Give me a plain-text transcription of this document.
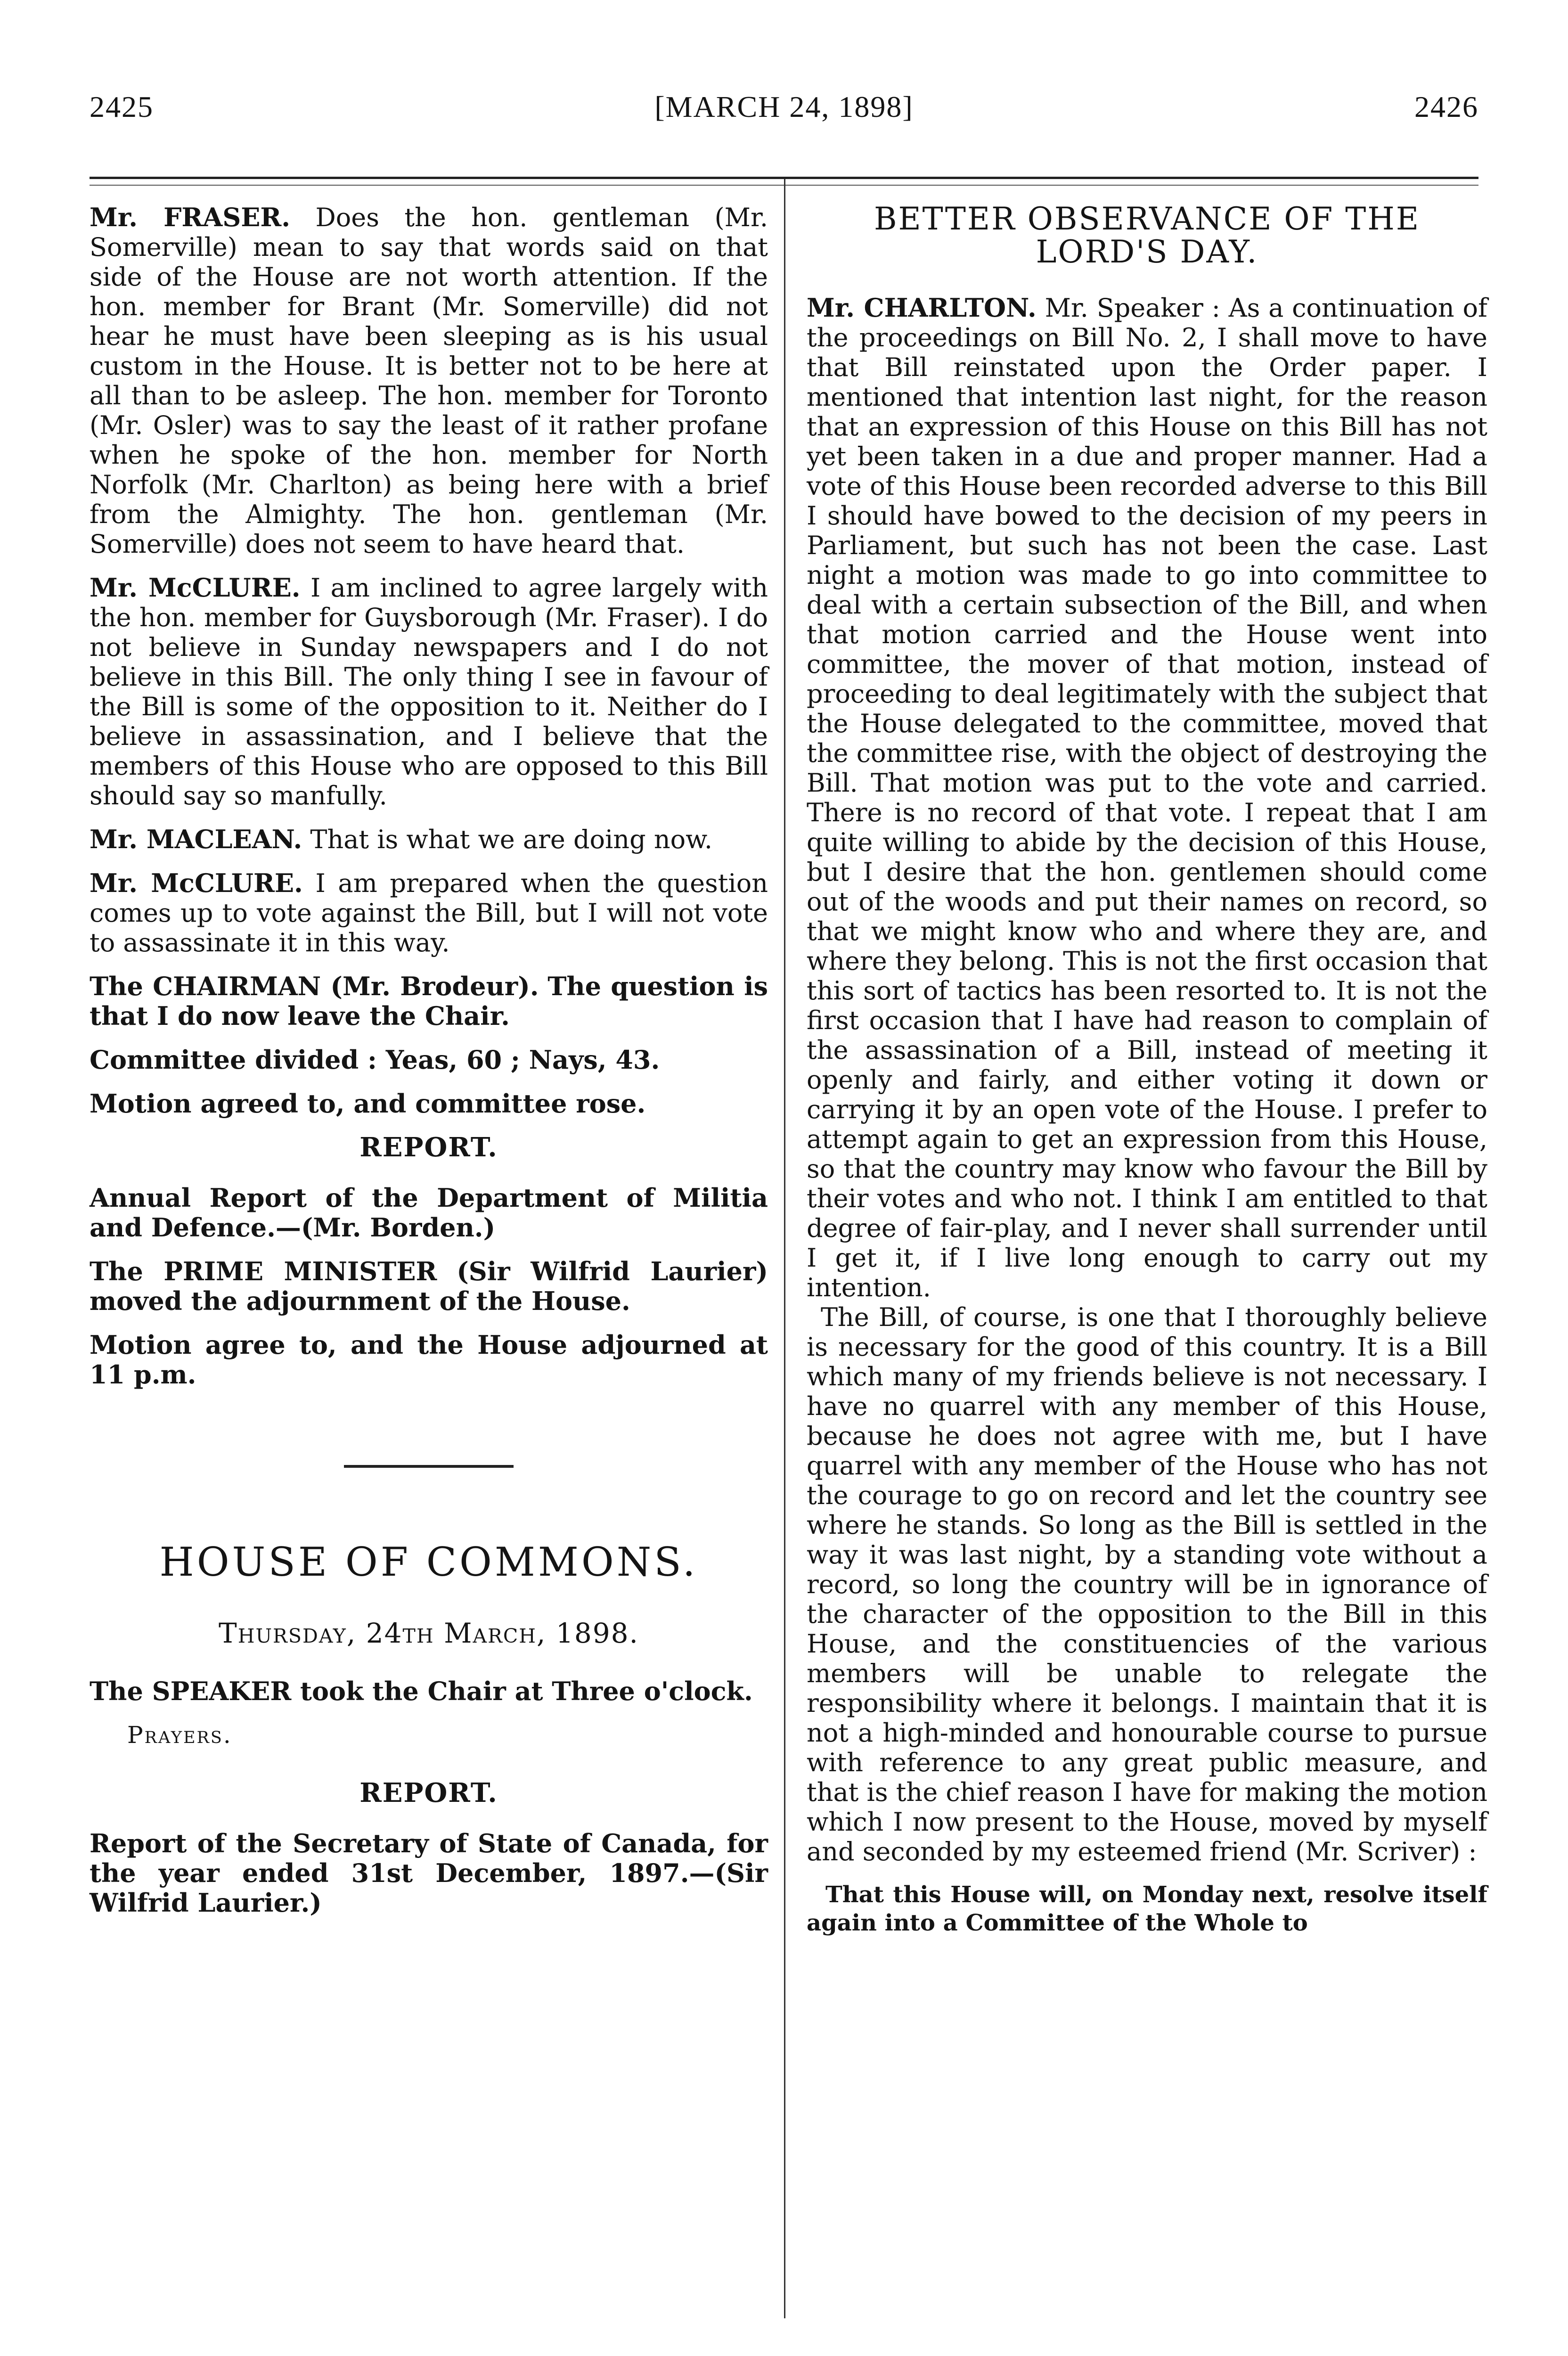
2425	[MARCH 24, 1898]	2426

Mr. FRASER. Does the hon. gentleman (Mr. Somerville) mean to say that words said on that side of the House are not worth attention. If the hon. member for Brant (Mr. Somerville) did not hear he must have been sleeping as is his usual custom in the House. It is better not to be here at all than to be asleep. The hon. member for Toronto (Mr. Osler) was to say the least of it rather profane when he spoke of the hon. member for North Norfolk (Mr. Charlton) as being here with a brief from the Almighty. The hon. gentleman (Mr. Somerville) does not seem to have heard that.

Mr. McCLURE. I am inclined to agree largely with the hon. member for Guysborough (Mr. Fraser). I do not believe in Sunday newspapers and I do not believe in this Bill. The only thing I see in favour of the Bill is some of the opposition to it. Neither do I believe in assassination, and I believe that the members of this House who are opposed to this Bill should say so manfully.

Mr. MACLEAN. That is what we are doing now.

Mr. McCLURE. I am prepared when the question comes up to vote against the Bill, but I will not vote to assassinate it in this way.

The CHAIRMAN (Mr. Brodeur). The question is that I do now leave the Chair.

Committee divided : Yeas, 60 ; Nays, 43.

Motion agreed to, and committee rose.

REPORT.

Annual Report of the Department of Militia and Defence.—(Mr. Borden.)

The PRIME MINISTER (Sir Wilfrid Laurier) moved the adjournment of the House.

Motion agree to, and the House adjourned at 11 p.m.

HOUSE OF COMMONS.
Thursday, 24th March, 1898.

The SPEAKER took the Chair at Three o'clock.

Prayers.
REPORT.

Report of the Secretary of State of Canada, for the year ended 31st December, 1897.—(Sir Wilfrid Laurier.)

BETTER OBSERVANCE OF THE LORD'S DAY.

Mr. CHARLTON. Mr. Speaker : As a continuation of the proceedings on Bill No. 2, I shall move to have that Bill reinstated upon the Order paper. I mentioned that intention last night, for the reason that an expression of this House on this Bill has not yet been taken in a due and proper manner. Had a vote of this House been recorded adverse to this Bill I should have bowed to the decision of my peers in Parliament, but such has not been the case. Last night a motion was made to go into committee to deal with a certain subsection of the Bill, and when that motion carried and the House went into committee, the mover of that motion, instead of proceeding to deal legitimately with the subject that the House delegated to the committee, moved that the committee rise, with the object of destroying the Bill. That motion was put to the vote and carried. There is no record of that vote. I repeat that I am quite willing to abide by the decision of this House, but I desire that the hon. gentlemen should come out of the woods and put their names on record, so that we might know who and where they are, and where they belong. This is not the first occasion that this sort of tactics has been resorted to. It is not the first occasion that I have had reason to complain of the assassination of a Bill, instead of meeting it openly and fairly, and either voting it down or carrying it by an open vote of the House. I prefer to attempt again to get an expression from this House, so that the country may know who favour the Bill by their votes and who not. I think I am entitled to that degree of fair-play, and I never shall surrender until I get it, if I live long enough to carry out my intention.

The Bill, of course, is one that I thoroughly believe is necessary for the good of this country. It is a Bill which many of my friends believe is not necessary. I have no quarrel with any member of this House, because he does not agree with me, but I have quarrel with any member of the House who has not the courage to go on record and let the country see where he stands. So long as the Bill is settled in the way it was last night, by a standing vote without a record, so long the country will be in ignorance of the character of the opposition to the Bill in this House, and the constituencies of the various members will be unable to relegate the responsibility where it belongs. I maintain that it is not a high-minded and honourable course to pursue with reference to any great public measure, and that is the chief reason I have for making the motion which I now present to the House, moved by myself and seconded by my esteemed friend (Mr. Scriver) :

That this House will, on Monday next, resolve itself again into a Committee of the Whole to
